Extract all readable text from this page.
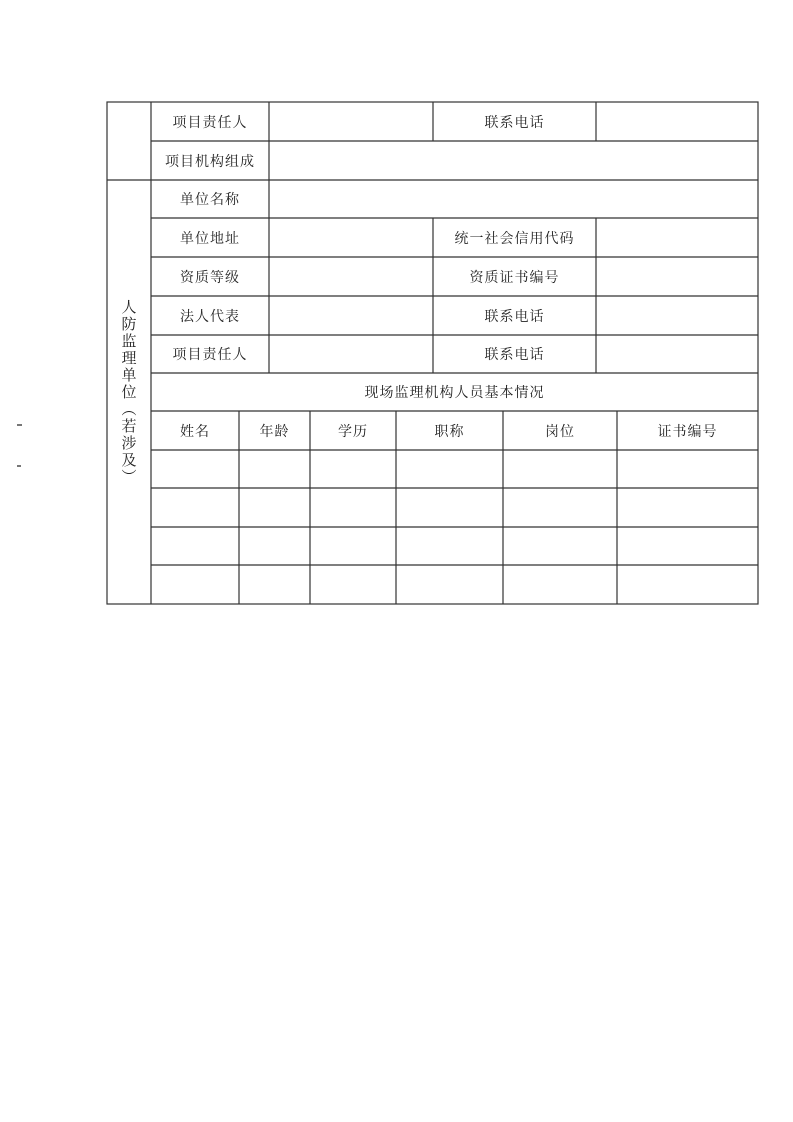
项目责任人	联系电话
项目机构组成
人防监理单位（若涉及）
单位名称
单位地址	统一社会信用代码
资质等级	资质证书编号
法人代表	联系电话
项目责任人	联系电话
现场监理机构人员基本情况
姓名	年龄	学历	职称	岗位	证书编号
